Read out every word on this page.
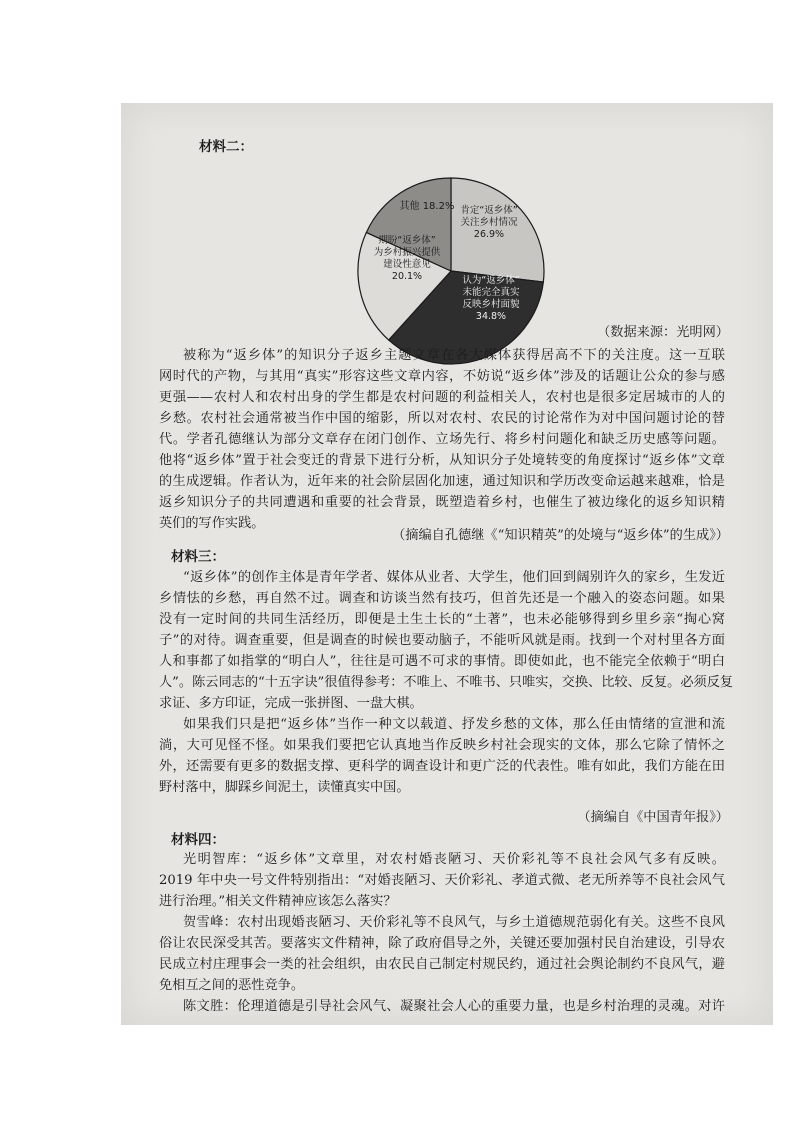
材料二：
肯定“返乡体”
关注乡村情况
26.9%
认为“返乡体”
未能完全真实
反映乡村面貌
34.8%
期盼“返乡体”
为乡村振兴提供
建设性意见
20.1%
其他 18.2%
（数据来源：光明网）
被称为“返乡体”的知识分子返乡主题文章在各大媒体获得居高不下的关注度。这一互联
网时代的产物，与其用“真实”形容这些文章内容，不妨说“返乡体”涉及的话题让公众的参与感
更强——农村人和农村出身的学生都是农村问题的利益相关人，农村也是很多定居城市的人的
乡愁。农村社会通常被当作中国的缩影，所以对农村、农民的讨论常作为对中国问题讨论的替
代。学者孔德继认为部分文章存在闭门创作、立场先行、将乡村问题化和缺乏历史感等问题。
他将“返乡体”置于社会变迁的背景下进行分析，从知识分子处境转变的角度探讨“返乡体”文章
的生成逻辑。作者认为，近年来的社会阶层固化加速，通过知识和学历改变命运越来越难，恰是
返乡知识分子的共同遭遇和重要的社会背景，既塑造着乡村，也催生了被边缘化的返乡知识精
英们的写作实践。
（摘编自孔德继《“知识精英”的处境与“返乡体”的生成》）
材料三：
“返乡体”的创作主体是青年学者、媒体从业者、大学生，他们回到阔别许久的家乡，生发近
乡情怯的乡愁，再自然不过。调查和访谈当然有技巧，但首先还是一个融入的姿态问题。如果
没有一定时间的共同生活经历，即便是土生土长的“土著”，也未必能够得到乡里乡亲“掏心窝
子”的对待。调查重要，但是调查的时候也要动脑子，不能听风就是雨。找到一个对村里各方面
人和事都了如指掌的“明白人”，往往是可遇不可求的事情。即使如此，也不能完全依赖于“明白
人”。陈云同志的“十五字诀”很值得参考：不唯上、不唯书、只唯实，交换、比较、反复。必须反复
求证、多方印证，完成一张拼图、一盘大棋。
如果我们只是把“返乡体”当作一种文以载道、抒发乡愁的文体，那么任由情绪的宣泄和流
淌，大可见怪不怪。如果我们要把它认真地当作反映乡村社会现实的文体，那么它除了情怀之
外，还需要有更多的数据支撑、更科学的调查设计和更广泛的代表性。唯有如此，我们方能在田
野村落中，脚踩乡间泥土，读懂真实中国。
（摘编自《中国青年报》）
材料四：
光明智库：“返乡体”文章里，对农村婚丧陋习、天价彩礼等不良社会风气多有反映。
2019 年中央一号文件特别指出：“对婚丧陋习、天价彩礼、孝道式微、老无所养等不良社会风气
进行治理。”相关文件精神应该怎么落实？
贺雪峰：农村出现婚丧陋习、天价彩礼等不良风气，与乡土道德规范弱化有关。这些不良风
俗让农民深受其苦。要落实文件精神，除了政府倡导之外，关键还要加强村民自治建设，引导农
民成立村庄理事会一类的社会组织，由农民自己制定村规民约，通过社会舆论制约不良风气，避
免相互之间的恶性竞争。
陈文胜：伦理道德是引导社会风气、凝聚社会人心的重要力量，也是乡村治理的灵魂。对许
